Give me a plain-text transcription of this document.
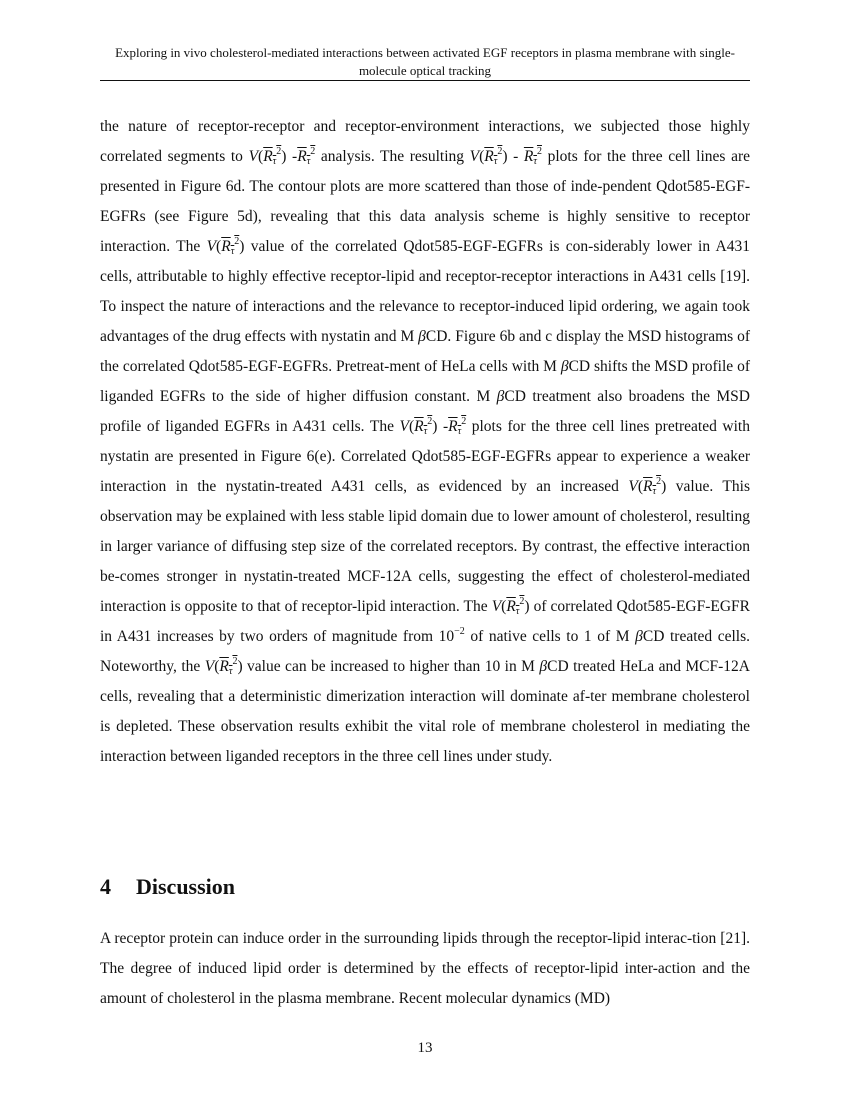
Exploring in vivo cholesterol-mediated interactions between activated EGF receptors in plasma membrane with single-molecule optical tracking

the nature of receptor-receptor and receptor-environment interactions, we subjected those highly correlated segments to $V(R_\tau^2)$ $-R_\tau^2$ analysis. The resulting $V(R_\tau^2) - R_\tau^2$ plots for the three cell lines are presented in Figure 6d. The contour plots are more scattered than those of inde-pendent Qdot585-EGF-EGFRs (see Figure 5d), revealing that this data analysis scheme is highly sensitive to receptor interaction. The $V(R_\tau^2)$ value of the correlated Qdot585-EGF-EGFRs is con-siderably lower in A431 cells, attributable to highly effective receptor-lipid and receptor-receptor interactions in A431 cells [19]. To inspect the nature of interactions and the relevance to receptor-induced lipid ordering, we again took advantages of the drug effects with nystatin and M βCD. Figure 6b and c display the MSD histograms of the correlated Qdot585-EGF-EGFRs. Pretreat-ment of HeLa cells with M βCD shifts the MSD profile of liganded EGFRs to the side of higher diffusion constant. M βCD treatment also broadens the MSD profile of liganded EGFRs in A431 cells. The $V(R_\tau^2)$ $-R_\tau^2$ plots for the three cell lines pretreated with nystatin are presented in Figure 6(e). Correlated Qdot585-EGF-EGFRs appear to experience a weaker interaction in the nystatin-treated A431 cells, as evidenced by an increased $V(R_\tau^2)$ value. This observation may be explained with less stable lipid domain due to lower amount of cholesterol, resulting in larger variance of diffusing step size of the correlated receptors. By contrast, the effective interaction be-comes stronger in nystatin-treated MCF-12A cells, suggesting the effect of cholesterol-mediated interaction is opposite to that of receptor-lipid interaction. The $V(R_\tau^2)$ of correlated Qdot585-EGF-EGFR in A431 increases by two orders of magnitude from $10^{-2}$ of native cells to 1 of M βCD treated cells. Noteworthy, the $V(R_\tau^2)$ value can be increased to higher than 10 in M βCD treated HeLa and MCF-12A cells, revealing that a deterministic dimerization interaction will dominate af-ter membrane cholesterol is depleted. These observation results exhibit the vital role of membrane cholesterol in mediating the interaction between liganded receptors in the three cell lines under study.

4 Discussion

A receptor protein can induce order in the surrounding lipids through the receptor-lipid interac-tion [21]. The degree of induced lipid order is determined by the effects of receptor-lipid inter-action and the amount of cholesterol in the plasma membrane. Recent molecular dynamics (MD)

13
